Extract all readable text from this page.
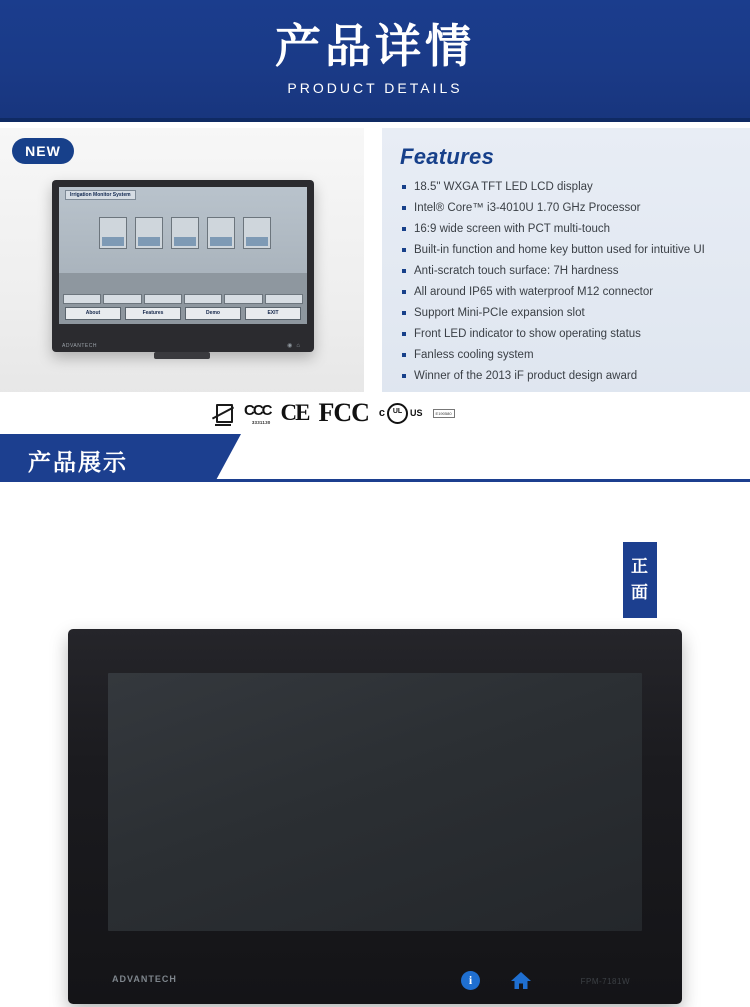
产品详情

PRODUCT DETAILS

NEW
Irrigation Monitor System
About	Features	Demo	EXIT
ADVANTECH	◉⌂
Features
18.5" WXGA TFT LED LCD display
Intel® Core™ i3-4010U 1.70 GHz Processor
16:9 wide screen with PCT multi-touch
Built-in function and home key button used for intuitive UI
Anti-scratch touch surface: 7H hardness
All around IP65 with waterproof M12 connector
Support Mini-PCIe expansion slot
Front LED indicator to show operating status
Fanless cooling system
Winner of the 2013 iF product design award
CCC
3331130 CE FCC c	UL US	E190580
产品展示
正面
ADVANTECH	i	FPM-7181W
